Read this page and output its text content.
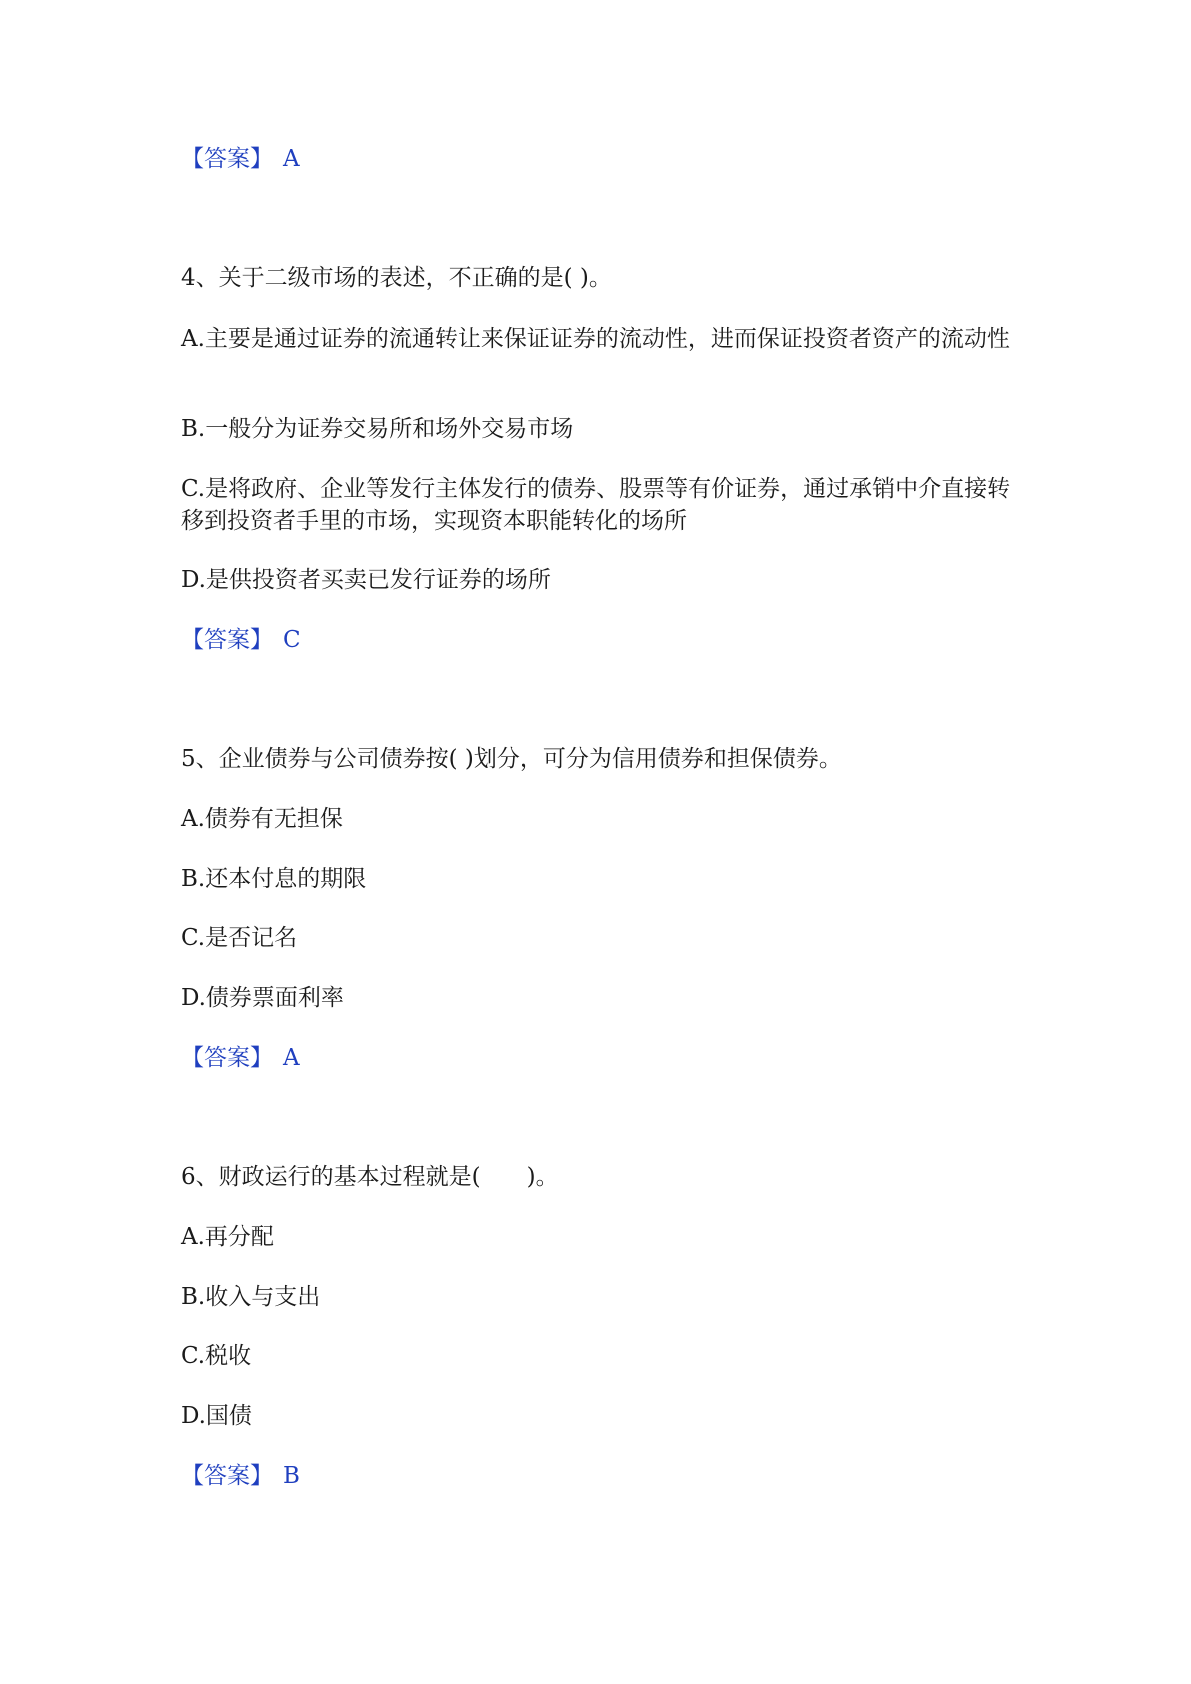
【答案】 A
4、关于二级市场的表述，不正确的是( )。
A.主要是通过证券的流通转让来保证证券的流动性，进而保证投资者资产的流动性
B.一般分为证券交易所和场外交易市场
C.是将政府、企业等发行主体发行的债券、股票等有价证券，通过承销中介直接转移到投资者手里的市场，实现资本职能转化的场所
D.是供投资者买卖已发行证券的场所
【答案】 C
5、企业债券与公司债券按( )划分，可分为信用债券和担保债券。
A.债券有无担保
B.还本付息的期限
C.是否记名
D.债券票面利率
【答案】 A
6、财政运行的基本过程就是(　　)。
A.再分配
B.收入与支出
C.税收
D.国债
【答案】 B
